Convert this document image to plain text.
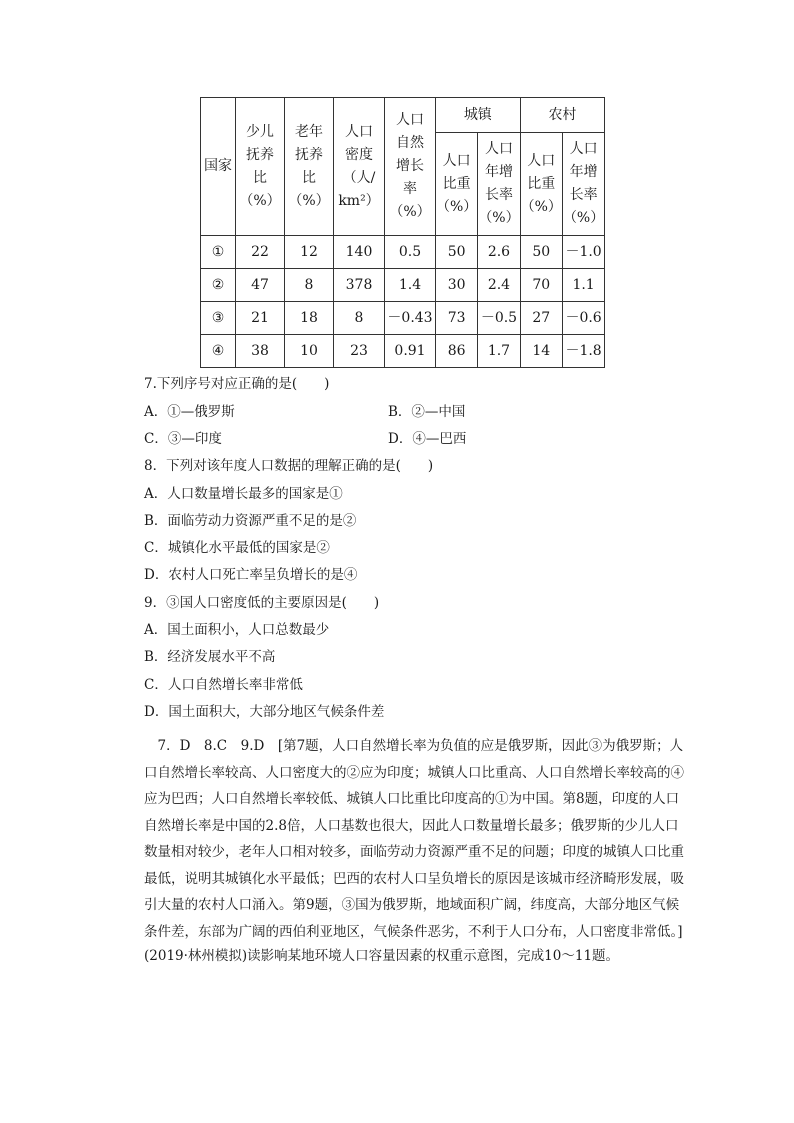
国家	少儿
抚养
比
（%）	老年
抚养
比
（%）	人口
密度
（人/
km²）	人口
自然
增长
率
（%）	城镇		农村	

					人口
比重
（%）	人口
年增
长率
（%）	人口
比重
（%）	人口
年增
长率
（%）

①	22	12	140	0.5	50	2.6	50	－1.0
②	47	8	378	1.4	30	2.4	70	1.1
③	21	18	8	－0.43	73	－0.5	27	－0.6
④	38	10	23	0.91	86	1.7	14	－1.8
7.下列序号对应正确的是(　　)
A．①—俄罗斯	B．②—中国
C．③—印度	D．④—巴西
8．下列对该年度人口数据的理解正确的是(　　)
A．人口数量增长最多的国家是①
B．面临劳动力资源严重不足的是②
C．城镇化水平最低的国家是②
D．农村人口死亡率呈负增长的是④
9．③国人口密度低的主要原因是(　　)
A．国土面积小，人口总数最少
B．经济发展水平不高
C．人口自然增长率非常低
D．国土面积大，大部分地区气候条件差

　7．D　8.C　9.D　[第7题，人口自然增长率为负值的应是俄罗斯，因此③为俄罗斯；人

口自然增长率较高、人口密度大的②应为印度；城镇人口比重高、人口自然增长率较高的④

应为巴西；人口自然增长率较低、城镇人口比重比印度高的①为中国。第8题，印度的人口

自然增长率是中国的2.8倍，人口基数也很大，因此人口数量增长最多；俄罗斯的少儿人口

数量相对较少，老年人口相对较多，面临劳动力资源严重不足的问题；印度的城镇人口比重

最低，说明其城镇化水平最低；巴西的农村人口呈负增长的原因是该城市经济畸形发展，吸

引大量的农村人口涌入。第9题，③国为俄罗斯，地域面积广阔，纬度高，大部分地区气候

条件差，东部为广阔的西伯利亚地区，气候条件恶劣，不利于人口分布，人口密度非常低。]

(2019·林州模拟)读影响某地环境人口容量因素的权重示意图，完成10～11题。
